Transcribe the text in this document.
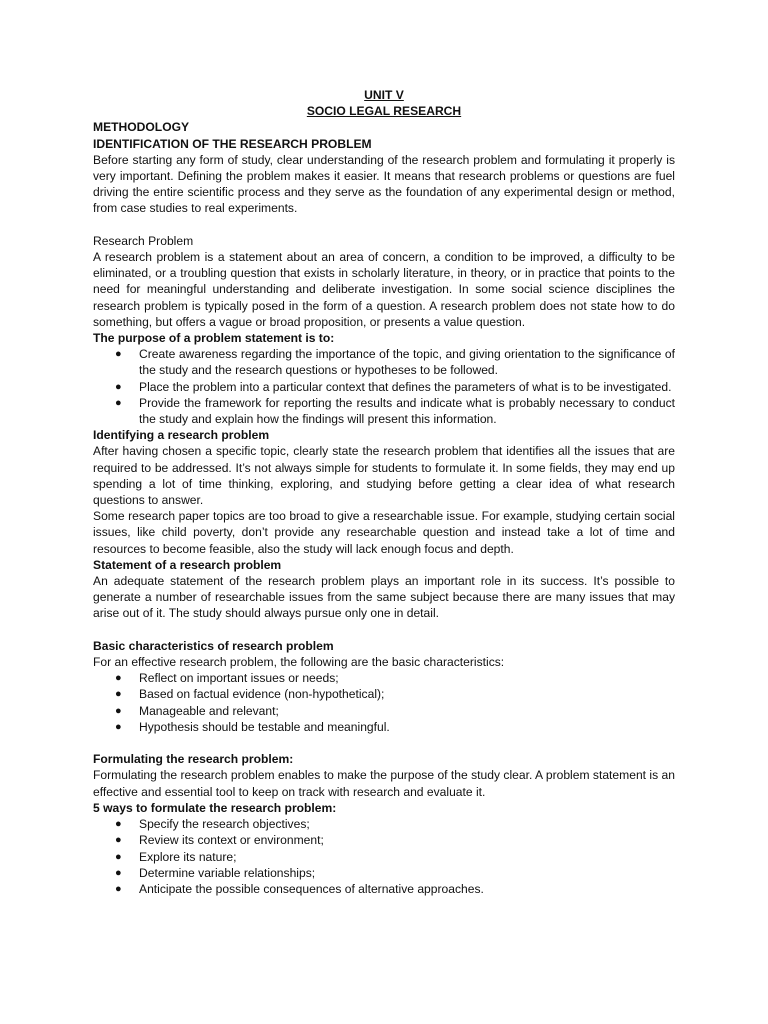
UNIT V

SOCIO LEGAL RESEARCH

METHODOLOGY

IDENTIFICATION OF THE RESEARCH PROBLEM

Before starting any form of study, clear understanding of the research problem and formulating it properly is very important. Defining the problem makes it easier. It means that research problems or questions are fuel driving the entire scientific process and they serve as the foundation of any experimental design or method, from case studies to real experiments.

Research Problem

A research problem is a statement about an area of concern, a condition to be improved, a difficulty to be eliminated, or a troubling question that exists in scholarly literature, in theory, or in practice that points to the need for meaningful understanding and deliberate investigation. In some social science disciplines the research problem is typically posed in the form of a question. A research problem does not state how to do something, but offers a vague or broad proposition, or presents a value question.

The purpose of a problem statement is to:

● Create awareness regarding the importance of the topic, and giving orientation to the significance of the study and the research questions or hypotheses to be followed.
● Place the problem into a particular context that defines the parameters of what is to be investigated.
● Provide the framework for reporting the results and indicate what is probably necessary to conduct the study and explain how the findings will present this information.

Identifying a research problem

After having chosen a specific topic, clearly state the research problem that identifies all the issues that are required to be addressed. It’s not always simple for students to formulate it. In some fields, they may end up spending a lot of time thinking, exploring, and studying before getting a clear idea of what research questions to answer.

Some research paper topics are too broad to give a researchable issue. For example, studying certain social issues, like child poverty, don’t provide any researchable question and instead take a lot of time and resources to become feasible, also the study will lack enough focus and depth.

Statement of a research problem

An adequate statement of the research problem plays an important role in its success. It’s possible to generate a number of researchable issues from the same subject because there are many issues that may arise out of it. The study should always pursue only one in detail.

Basic characteristics of research problem

For an effective research problem, the following are the basic characteristics:

● Reflect on important issues or needs;
● Based on factual evidence (non-hypothetical);
● Manageable and relevant;
● Hypothesis should be testable and meaningful.

Formulating the research problem:

Formulating the research problem enables to make the purpose of the study clear. A problem statement is an effective and essential tool to keep on track with research and evaluate it.

5 ways to formulate the research problem:

● Specify the research objectives;
● Review its context or environment;
● Explore its nature;
● Determine variable relationships;
● Anticipate the possible consequences of alternative approaches.
